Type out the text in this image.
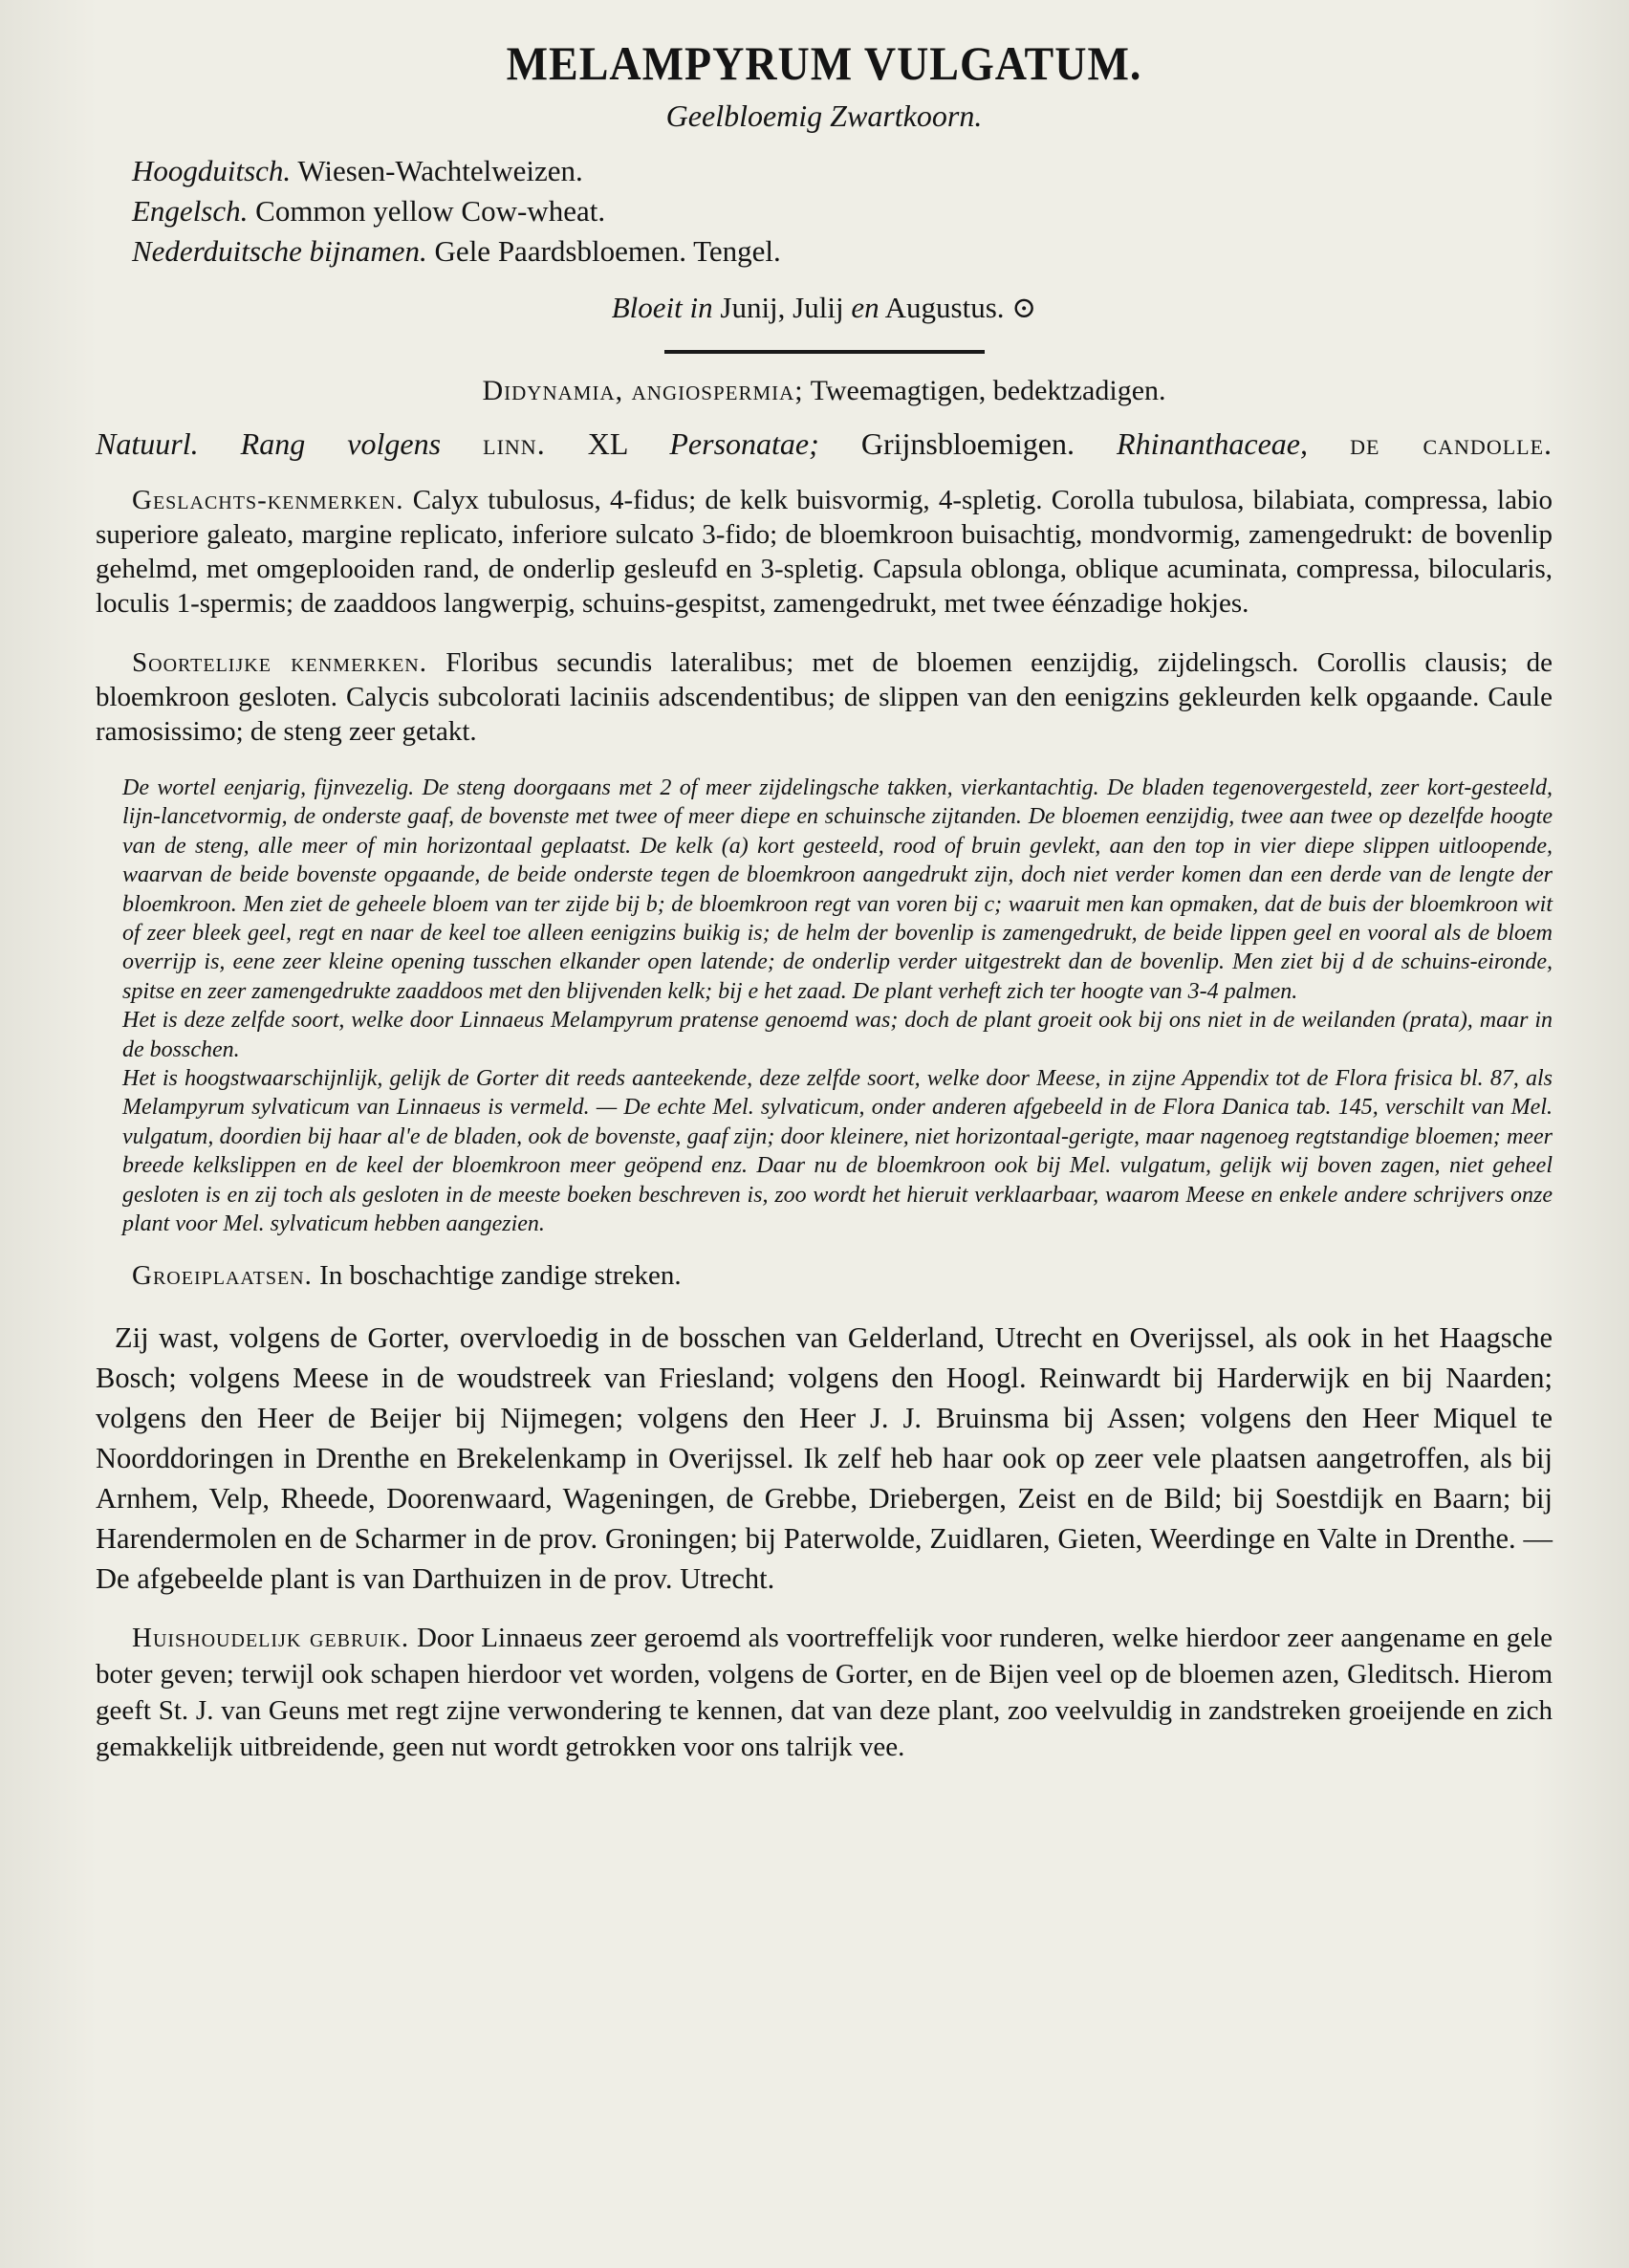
MELAMPYRUM VULGATUM.
Geelbloemig Zwartkoorn.
Hoogduitsch. Wiesen-Wachtelweizen.
Engelsch. Common yellow Cow-wheat.
Nederduitsche bijnamen. Gele Paardsbloemen. Tengel.
Bloeit in Junij, Julij en Augustus. ⊙
Didynamia, angiospermia; Tweemagtigen, bedektzadigen.
Natuurl. Rang volgens linn. XL Personatae; Grijnsbloemigen. Rhinanthaceae, de candolle.
Geslachts-kenmerken. Calyx tubulosus, 4-fidus; de kelk buisvormig, 4-spletig. Corolla tubulosa, bilabiata, compressa, labio superiore galeato, margine replicato, inferiore sulcato 3-fido; de bloemkroon buisachtig, mondvormig, zamengedrukt: de bovenlip gehelmd, met omgeplooiden rand, de onderlip gesleufd en 3-spletig. Capsula oblonga, oblique acuminata, compressa, bilocularis, loculis 1-spermis; de zaaddoos langwerpig, schuins-gespitst, zamengedrukt, met twee éénzadige hokjes.
Soortelijke kenmerken. Floribus secundis lateralibus; met de bloemen eenzijdig, zijdelingsch. Corollis clausis; de bloemkroon gesloten. Calycis subcolorati laciniis adscendentibus; de slippen van den eenigzins gekleurden kelk opgaande. Caule ramosissimo; de steng zeer getakt.

De wortel eenjarig, fijnvezelig. De steng doorgaans met 2 of meer zijdelingsche takken, vierkantachtig. De bladen tegenovergesteld, zeer kort-gesteeld, lijn-lancetvormig, de onderste gaaf, de bovenste met twee of meer diepe en schuinsche zijtanden. De bloemen eenzijdig, twee aan twee op dezelfde hoogte van de steng, alle meer of min horizontaal geplaatst. De kelk (a) kort gesteeld, rood of bruin gevlekt, aan den top in vier diepe slippen uitloopende, waarvan de beide bovenste opgaande, de beide onderste tegen de bloemkroon aangedrukt zijn, doch niet verder komen dan een derde van de lengte der bloemkroon. Men ziet de geheele bloem van ter zijde bij b; de bloemkroon regt van voren bij c; waaruit men kan opmaken, dat de buis der bloemkroon wit of zeer bleek geel, regt en naar de keel toe alleen eenigzins buikig is; de helm der bovenlip is zamengedrukt, de beide lippen geel en vooral als de bloem overrijp is, eene zeer kleine opening tusschen elkander open latende; de onderlip verder uitgestrekt dan de bovenlip. Men ziet bij d de schuins-eironde, spitse en zeer zamengedrukte zaaddoos met den blijvenden kelk; bij e het zaad. De plant verheft zich ter hoogte van 3-4 palmen.

Het is deze zelfde soort, welke door Linnaeus Melampyrum pratense genoemd was; doch de plant groeit ook bij ons niet in de weilanden (prata), maar in de bosschen.

Het is hoogstwaarschijnlijk, gelijk de Gorter dit reeds aanteekende, deze zelfde soort, welke door Meese, in zijne Appendix tot de Flora frisica bl. 87, als Melampyrum sylvaticum van Linnaeus is vermeld. — De echte Mel. sylvaticum, onder anderen afgebeeld in de Flora Danica tab. 145, verschilt van Mel. vulgatum, doordien bij haar al'e de bladen, ook de bovenste, gaaf zijn; door kleinere, niet horizontaal-gerigte, maar nagenoeg regtstandige bloemen; meer breede kelkslippen en de keel der bloemkroon meer geöpend enz. Daar nu de bloemkroon ook bij Mel. vulgatum, gelijk wij boven zagen, niet geheel gesloten is en zij toch als gesloten in de meeste boeken beschreven is, zoo wordt het hieruit verklaarbaar, waarom Meese en enkele andere schrijvers onze plant voor Mel. sylvaticum hebben aangezien.

Groeiplaatsen. In boschachtige zandige streken.
Zij wast, volgens de Gorter, overvloedig in de bosschen van Gelderland, Utrecht en Overijssel, als ook in het Haagsche Bosch; volgens Meese in de woudstreek van Friesland; volgens den Hoogl. Reinwardt bij Harderwijk en bij Naarden; volgens den Heer de Beijer bij Nijmegen; volgens den Heer J. J. Bruinsma bij Assen; volgens den Heer Miquel te Noorddoringen in Drenthe en Brekelenkamp in Overijssel. Ik zelf heb haar ook op zeer vele plaatsen aangetroffen, als bij Arnhem, Velp, Rheede, Doorenwaard, Wageningen, de Grebbe, Driebergen, Zeist en de Bild; bij Soestdijk en Baarn; bij Harendermolen en de Scharmer in de prov. Groningen; bij Paterwolde, Zuidlaren, Gieten, Weerdinge en Valte in Drenthe. — De afgebeelde plant is van Darthuizen in de prov. Utrecht.
Huishoudelijk gebruik. Door Linnaeus zeer geroemd als voortreffelijk voor runderen, welke hierdoor zeer aangename en gele boter geven; terwijl ook schapen hierdoor vet worden, volgens de Gorter, en de Bijen veel op de bloemen azen, Gleditsch. Hierom geeft St. J. van Geuns met regt zijne verwondering te kennen, dat van deze plant, zoo veelvuldig in zandstreken groeijende en zich gemakkelijk uitbreidende, geen nut wordt getrokken voor ons talrijk vee.
